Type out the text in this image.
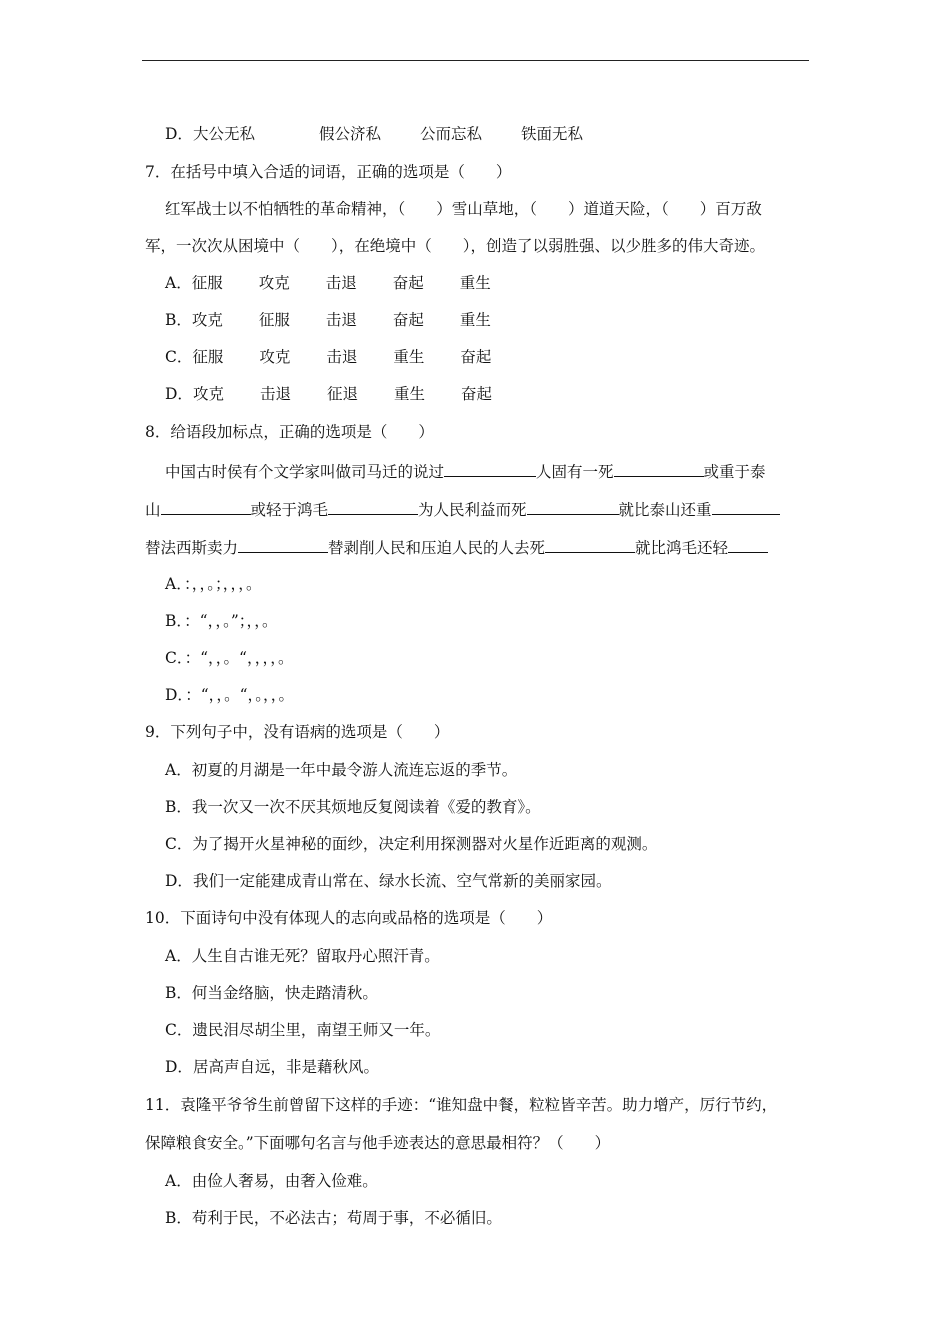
D． 大公无私	假公济私	公而忘私	铁面无私
7．在括号中填入合适的词语，正确的选项是（　　）
红军战士以不怕牺牲的革命精神，（　　）雪山草地，（　　）道道天险，（　　）百万敌
军，一次次从困境中（　　），在绝境中（　　），创造了以弱胜强、以少胜多的伟大奇迹。
A． 征服 攻克 击退 奋起 重生
B． 攻克 征服 击退 奋起 重生
C． 征服 攻克 击退 重生 奋起
D． 攻克 击退 征退 重生 奋起
8．给语段加标点，正确的选项是（　　）
中国古时侯有个文学家叫做司马迁的说过	人固有一死	或重于泰
山	或轻于鸿毛	为人民利益而死	就比泰山还重
替法西斯卖力	替剥削人民和压迫人民的人去死	就比鸿毛还轻
A．：，，。；，，，。
B．：“，，。”；，，。
C．：“，，。“，，，，。
D．：“，，。“，。，，。
9．下列句子中，没有语病的选项是（　　）
A．初夏的月湖是一年中最令游人流连忘返的季节。
B．我一次又一次不厌其烦地反复阅读着《爱的教育》。
C．为了揭开火星神秘的面纱，决定利用探测器对火星作近距离的观测。
D．我们一定能建成青山常在、绿水长流、空气常新的美丽家园。
10．下面诗句中没有体现人的志向或品格的选项是（　　）
A．人生自古谁无死？留取丹心照汗青。
B．何当金络脑，快走踏清秋。
C．遗民泪尽胡尘里，南望王师又一年。
D．居高声自远，非是藉秋风。
11．袁隆平爷爷生前曾留下这样的手迹：“谁知盘中餐，粒粒皆辛苦。助力增产，厉行节约，
保障粮食安全。”下面哪句名言与他手迹表达的意思最相符？（　　）
A．由俭人奢易，由奢入俭难。
B．苟利于民，不必法古；苟周于事，不必循旧。
